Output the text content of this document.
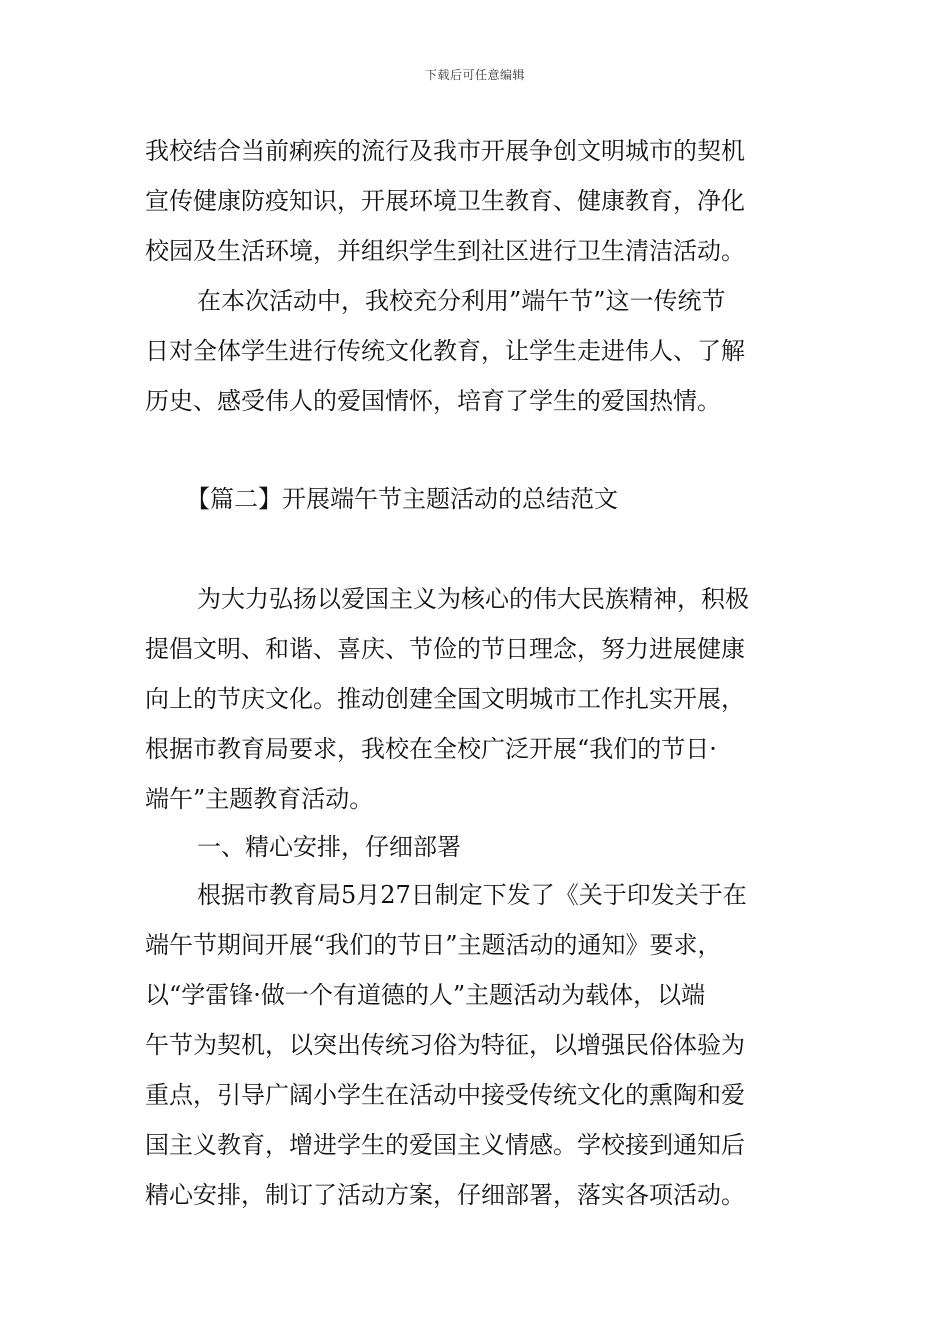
下载后可任意编辑
我校结合当前痢疾的流行及我市开展争创文明城市的契机
宣传健康防疫知识，开展环境卫生教育、健康教育，净化
校园及生活环境，并组织学生到社区进行卫生清洁活动。
在本次活动中，我校充分利用”端午节”这一传统节
日对全体学生进行传统文化教育，让学生走进伟人、了解
历史、感受伟人的爱国情怀，培育了学生的爱国热情。
【篇二】开展端午节主题活动的总结范文
为大力弘扬以爱国主义为核心的伟大民族精神，积极
提倡文明、和谐、喜庆、节俭的节日理念，努力进展健康
向上的节庆文化。推动创建全国文明城市工作扎实开展，
根据市教育局要求，我校在全校广泛开展“我们的节日·
端午”主题教育活动。
一、精心安排，仔细部署
根据市教育局5月27日制定下发了《关于印发关于在
端午节期间开展“我们的节日”主题活动的通知》要求，
以“学雷锋·做一个有道德的人”主题活动为载体，以端
午节为契机，以突出传统习俗为特征，以增强民俗体验为
重点，引导广阔小学生在活动中接受传统文化的熏陶和爱
国主义教育，增进学生的爱国主义情感。学校接到通知后
精心安排，制订了活动方案，仔细部署，落实各项活动。
